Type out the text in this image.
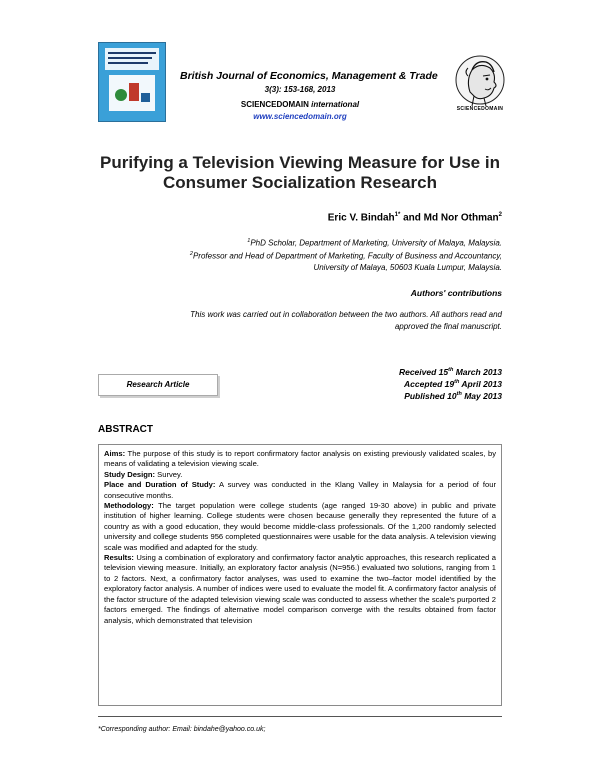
British Journal of Economics, Management & Trade
3(3): 153-168, 2013
SCIENCEDOMAIN international
www.sciencedomain.org
SCIENCEDOMAIN
Purifying a Television Viewing Measure for Use in Consumer Socialization Research
Eric V. Bindah$^{1*}$ and Md Nor Othman$^2$
$^1$PhD Scholar, Department of Marketing, University of Malaya, Malaysia.
$^2$Professor and Head of Department of Marketing, Faculty of Business and Accountancy,
University of Malaya, 50603 Kuala Lumpur, Malaysia.
Authors' contributions
This work was carried out in collaboration between the two authors. All authors read and
approved the final manuscript.
Research Article
Received 15th March 2013
Accepted 19th April 2013
Published 10th May 2013
ABSTRACT

Aims: The purpose of this study is to report confirmatory factor analysis on existing previously validated scales, by means of validating a television viewing scale.

Study Design: Survey.

Place and Duration of Study: A survey was conducted in the Klang Valley in Malaysia for a period of four consecutive months.

Methodology: The target population were college students (age ranged 19-30 above) in public and private institution of higher learning. College students were chosen because generally they represented the future of a country as with a good education, they would become middle-class professionals. Of the 1,200 randomly selected university and college students 956 completed questionnaires were usable for the data analysis. A television viewing scale was modified and adapted for the study.

Results: Using a combination of exploratory and confirmatory factor analytic approaches, this research replicated a television viewing measure. Initially, an exploratory factor analysis (N=956.) evaluated two solutions, ranging from 1 to 2 factors. Next, a confirmatory factor analyses, was used to examine the two–factor model identified by the exploratory factor analysis. A number of indices were used to evaluate the model fit. A confirmatory factor analysis of the factor structure of the adapted television viewing scale was conducted to assess whether the scale's purported 2 factors emerged. The findings of alternative model comparison converge with the results obtained from factor analysis, which demonstrated that television

*Corresponding author: Email: bindahe@yahoo.co.uk;
